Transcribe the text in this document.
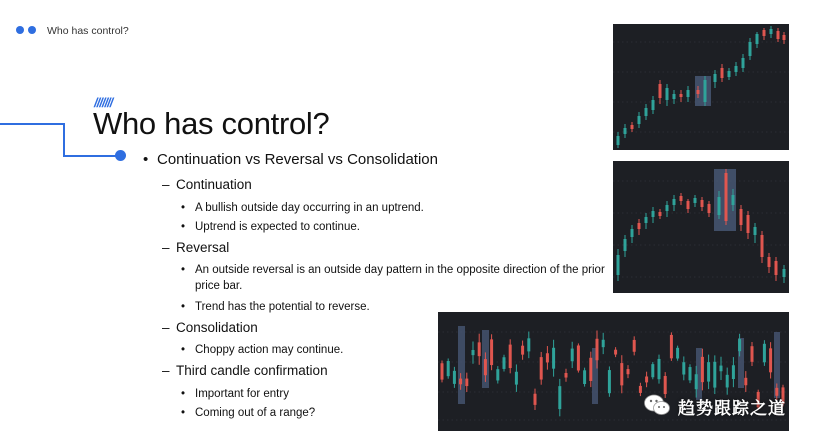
Who has control?
///////
Who has control?
• Continuation vs Reversal vs Consolidation
– Continuation
• A bullish outside day occurring in an uptrend.
• Uptrend is expected to continue.
– Reversal
• An outside reversal is an outside day pattern in the opposite direction of the prior price bar.
• Trend has the potential to reverse.
– Consolidation
• Choppy action may continue.
– Third candle confirmation
• Important for entry
• Coming out of a range?	趋势跟踪之道
